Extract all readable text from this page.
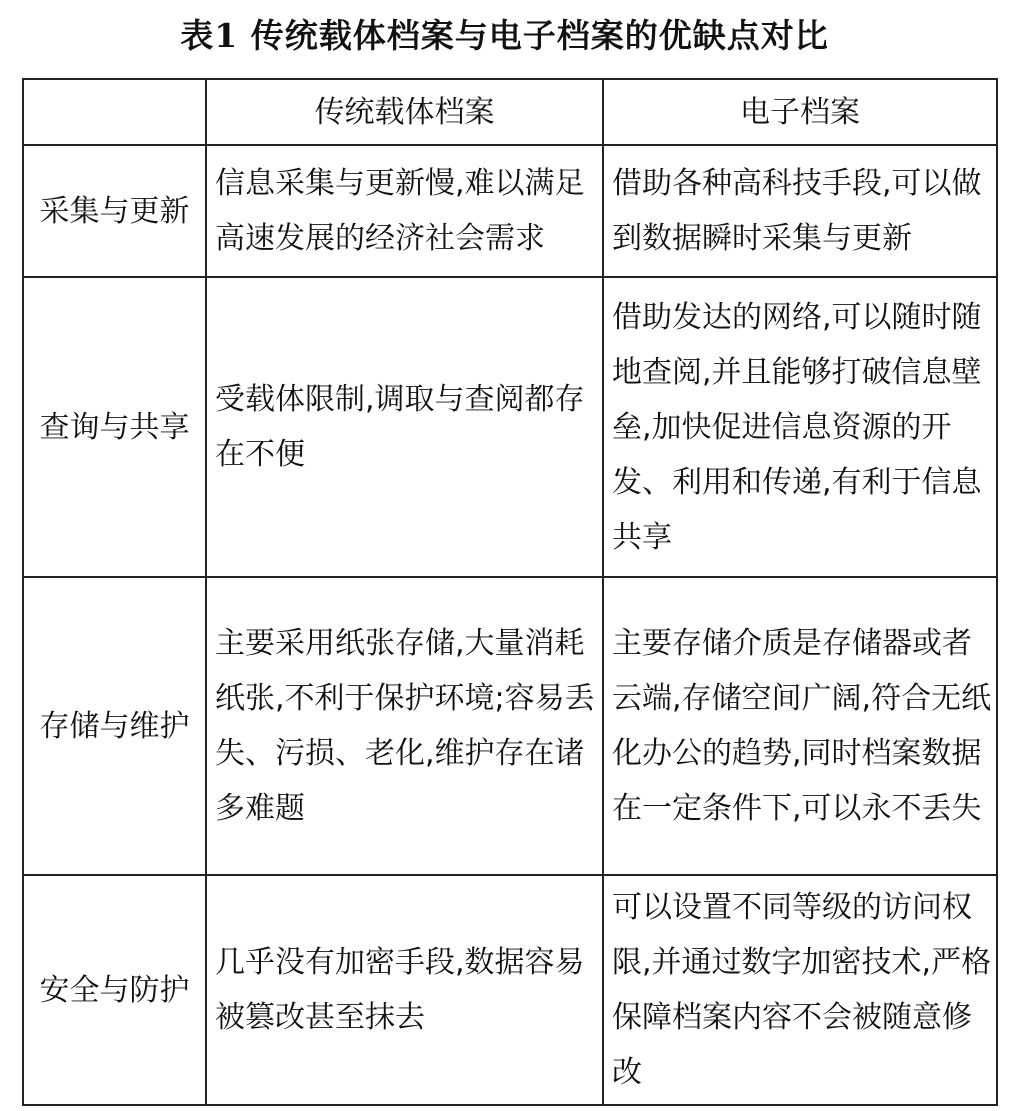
表1 传统载体档案与电子档案的优缺点对比
	传统载体档案	电子档案
采集与更新	信息采集与更新慢,难以满足高速发展的经济社会需求	借助各种高科技手段,可以做到数据瞬时采集与更新
查询与共享	受载体限制,调取与查阅都存在不便	借助发达的网络,可以随时随地查阅,并且能够打破信息壁垒,加快促进信息资源的开发、利用和传递,有利于信息共享
存储与维护	主要采用纸张存储,大量消耗纸张,不利于保护环境;容易丢失、污损、老化,维护存在诸多难题	主要存储介质是存储器或者云端,存储空间广阔,符合无纸化办公的趋势,同时档案数据在一定条件下,可以永不丢失
安全与防护	几乎没有加密手段,数据容易被篡改甚至抹去	可以设置不同等级的访问权限,并通过数字加密技术,严格保障档案内容不会被随意修改
